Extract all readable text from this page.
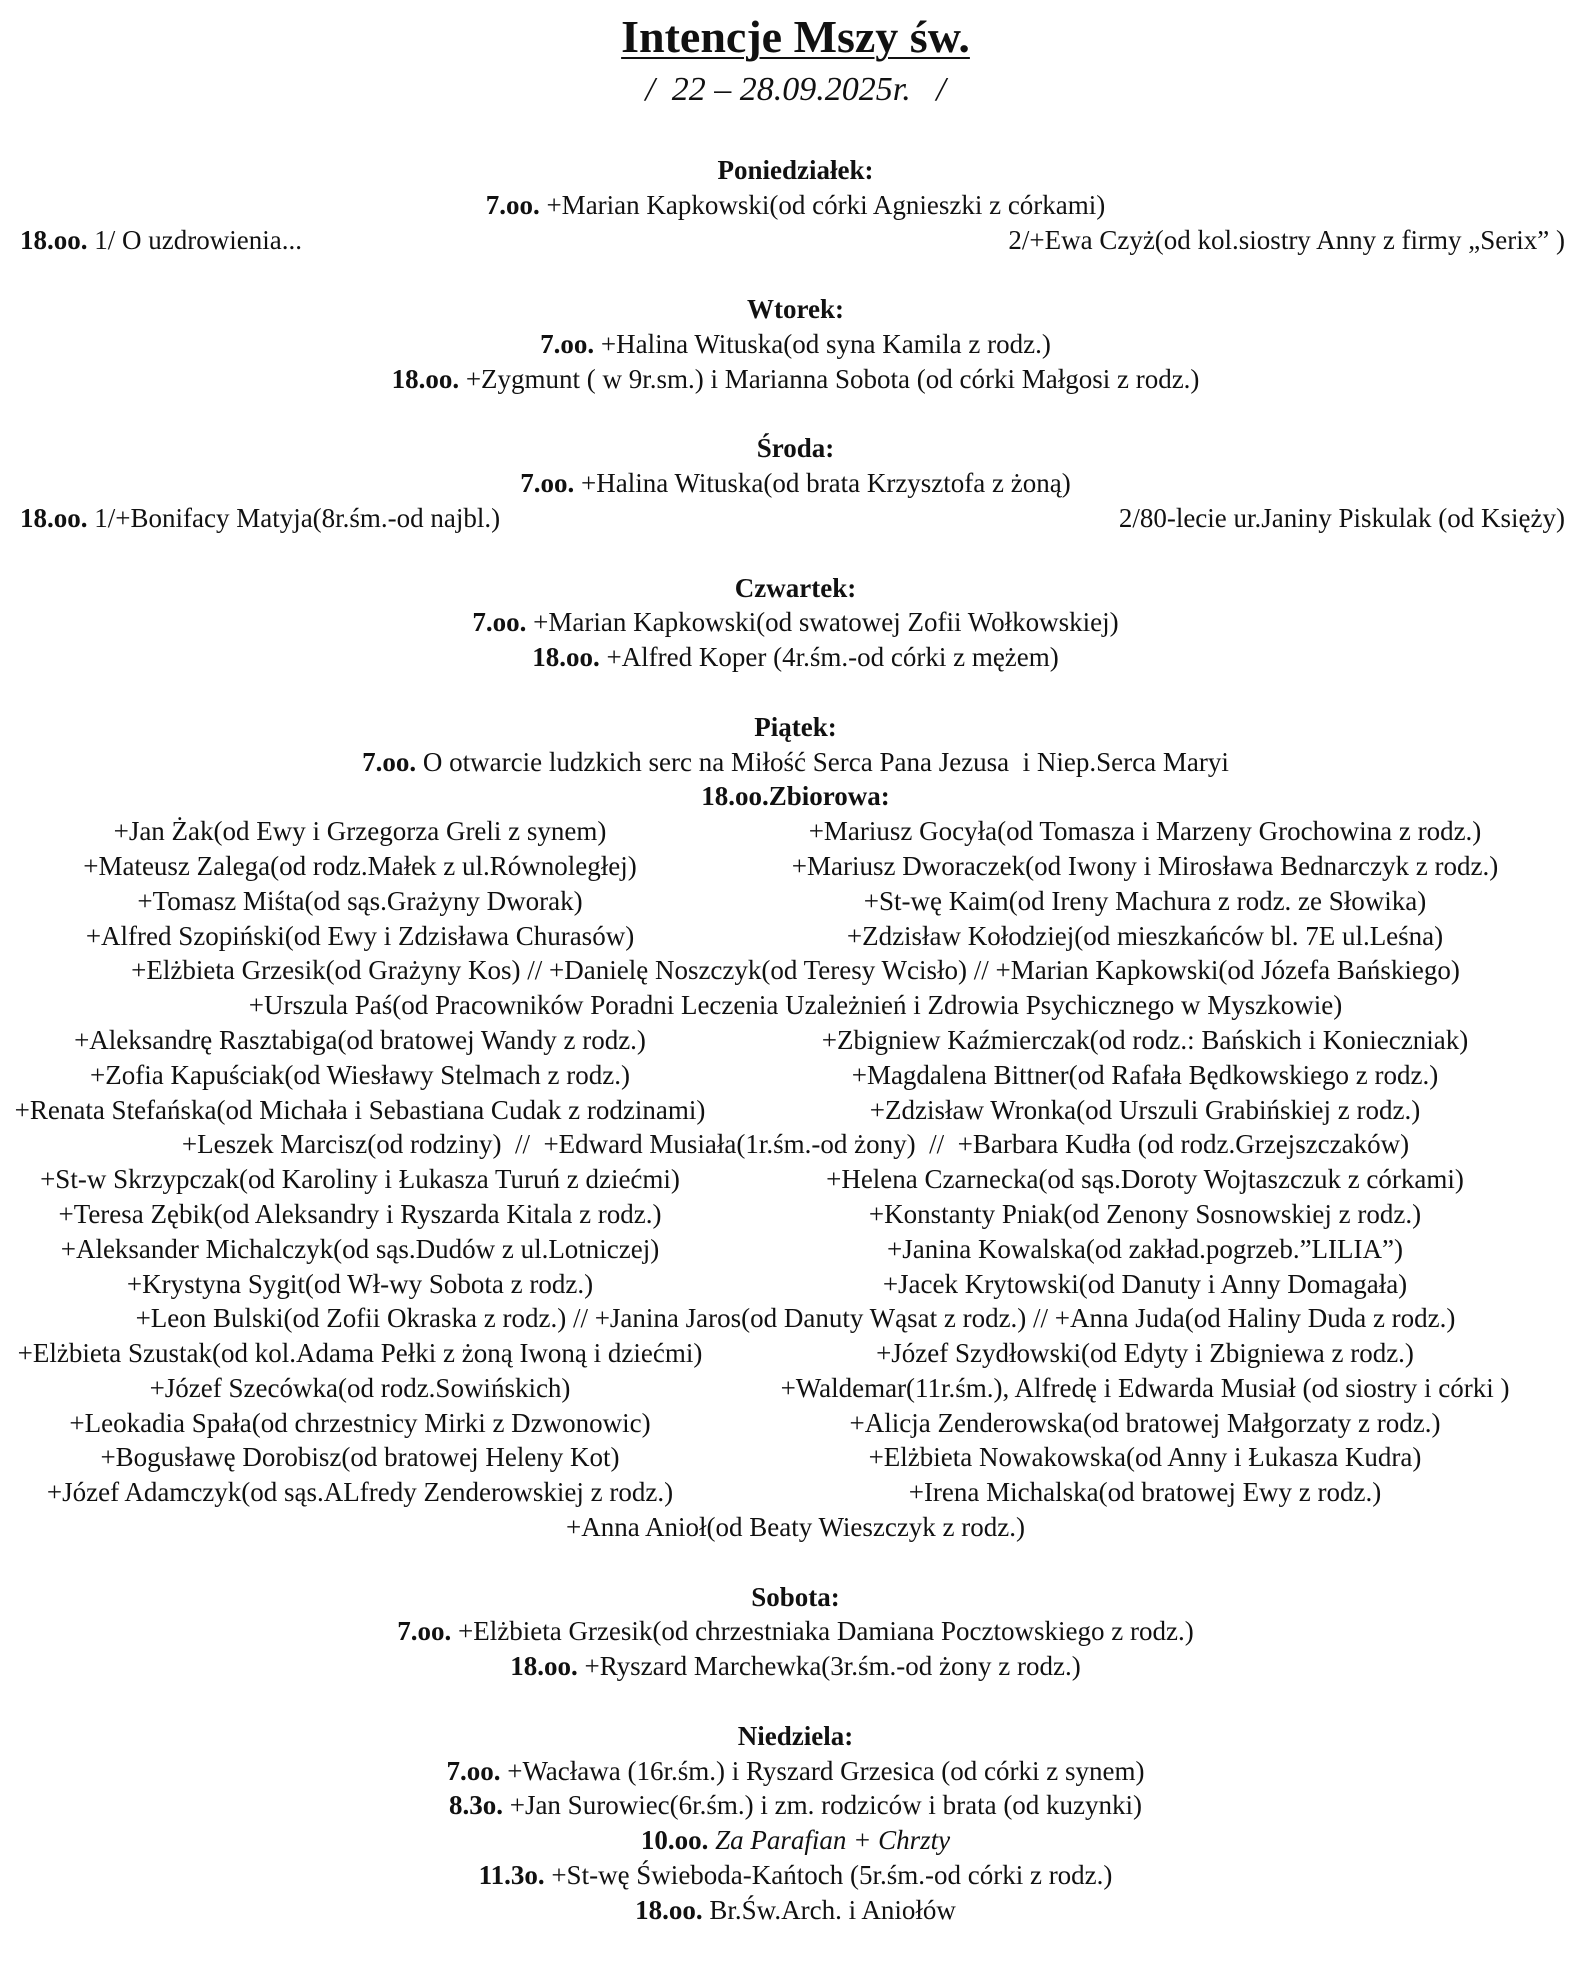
Intencje Mszy św.
/  22 – 28.09.2025r.   /
Poniedziałek:
7.oo. +Marian Kapkowski(od córki Agnieszki z córkami)
18.oo. 1/ O uzdrowienia...	2/+Ewa Czyż(od kol.siostry Anny z firmy „Serix” )
Wtorek:
7.oo. +Halina Wituska(od syna Kamila z rodz.)
18.oo. +Zygmunt ( w 9r.sm.) i Marianna Sobota (od córki Małgosi z rodz.)
Środa:
7.oo. +Halina Wituska(od brata Krzysztofa z żoną)
18.oo. 1/+Bonifacy Matyja(8r.śm.-od najbl.)	2/80-lecie ur.Janiny Piskulak (od Księży)
Czwartek:
7.oo. +Marian Kapkowski(od swatowej Zofii Wołkowskiej)
18.oo. +Alfred Koper (4r.śm.-od córki z mężem)
Piątek:
7.oo. O otwarcie ludzkich serc na Miłość Serca Pana Jezusa  i Niep.Serca Maryi
18.oo.Zbiorowa:
+Jan Żak(od Ewy i Grzegorza Greli z synem)	+Mariusz Gocyła(od Tomasza i Marzeny Grochowina z rodz.)
+Mateusz Zalega(od rodz.Małek z ul.Równoległej)	+Mariusz Dworaczek(od Iwony i Mirosława Bednarczyk z rodz.)
+Tomasz Miśta(od sąs.Grażyny Dworak)	+St-wę Kaim(od Ireny Machura z rodz. ze Słowika)
+Alfred Szopiński(od Ewy i Zdzisława Churasów)	+Zdzisław Kołodziej(od mieszkańców bl. 7E ul.Leśna)
+Elżbieta Grzesik(od Grażyny Kos) // +Danielę Noszczyk(od Teresy Wcisło) // +Marian Kapkowski(od Józefa Bańskiego)
+Urszula Paś(od Pracowników Poradni Leczenia Uzależnień i Zdrowia Psychicznego w Myszkowie)
+Aleksandrę Rasztabiga(od bratowej Wandy z rodz.)	+Zbigniew Kaźmierczak(od rodz.: Bańskich i Konieczniak)
+Zofia Kapuściak(od Wiesławy Stelmach z rodz.)	+Magdalena Bittner(od Rafała Będkowskiego z rodz.)
+Renata Stefańska(od Michała i Sebastiana Cudak z rodzinami)	+Zdzisław Wronka(od Urszuli Grabińskiej z rodz.)
+Leszek Marcisz(od rodziny)  //  +Edward Musiała(1r.śm.-od żony)  //  +Barbara Kudła (od rodz.Grzejszczaków)
+St-w Skrzypczak(od Karoliny i Łukasza Turuń z dziećmi)	+Helena Czarnecka(od sąs.Doroty Wojtaszczuk z córkami)
+Teresa Zębik(od Aleksandry i Ryszarda Kitala z rodz.)	+Konstanty Pniak(od Zenony Sosnowskiej z rodz.)
+Aleksander Michalczyk(od sąs.Dudów z ul.Lotniczej)	+Janina Kowalska(od zakład.pogrzeb.”LILIA”)
+Krystyna Sygit(od Wł-wy Sobota z rodz.)	+Jacek Krytowski(od Danuty i Anny Domagała)
+Leon Bulski(od Zofii Okraska z rodz.) // +Janina Jaros(od Danuty Wąsat z rodz.) // +Anna Juda(od Haliny Duda z rodz.)
+Elżbieta Szustak(od kol.Adama Pełki z żoną Iwoną i dziećmi)	+Józef Szydłowski(od Edyty i Zbigniewa z rodz.)
+Józef Szecówka(od rodz.Sowińskich)	+Waldemar(11r.śm.), Alfredę i Edwarda Musiał (od siostry i córki )
+Leokadia Spała(od chrzestnicy Mirki z Dzwonowic)	+Alicja Zenderowska(od bratowej Małgorzaty z rodz.)
+Bogusławę Dorobisz(od bratowej Heleny Kot)	+Elżbieta Nowakowska(od Anny i Łukasza Kudra)
+Józef Adamczyk(od sąs.ALfredy Zenderowskiej z rodz.)	+Irena Michalska(od bratowej Ewy z rodz.)
+Anna Anioł(od Beaty Wieszczyk z rodz.)
Sobota:
7.oo. +Elżbieta Grzesik(od chrzestniaka Damiana Pocztowskiego z rodz.)
18.oo. +Ryszard Marchewka(3r.śm.-od żony z rodz.)
Niedziela:
7.oo. +Wacława (16r.śm.) i Ryszard Grzesica (od córki z synem)
8.3o. +Jan Surowiec(6r.śm.) i zm. rodziców i brata (od kuzynki)
10.oo. Za Parafian + Chrzty
11.3o. +St-wę Świeboda-Kańtoch (5r.śm.-od córki z rodz.)
18.oo. Br.Św.Arch. i Aniołów
